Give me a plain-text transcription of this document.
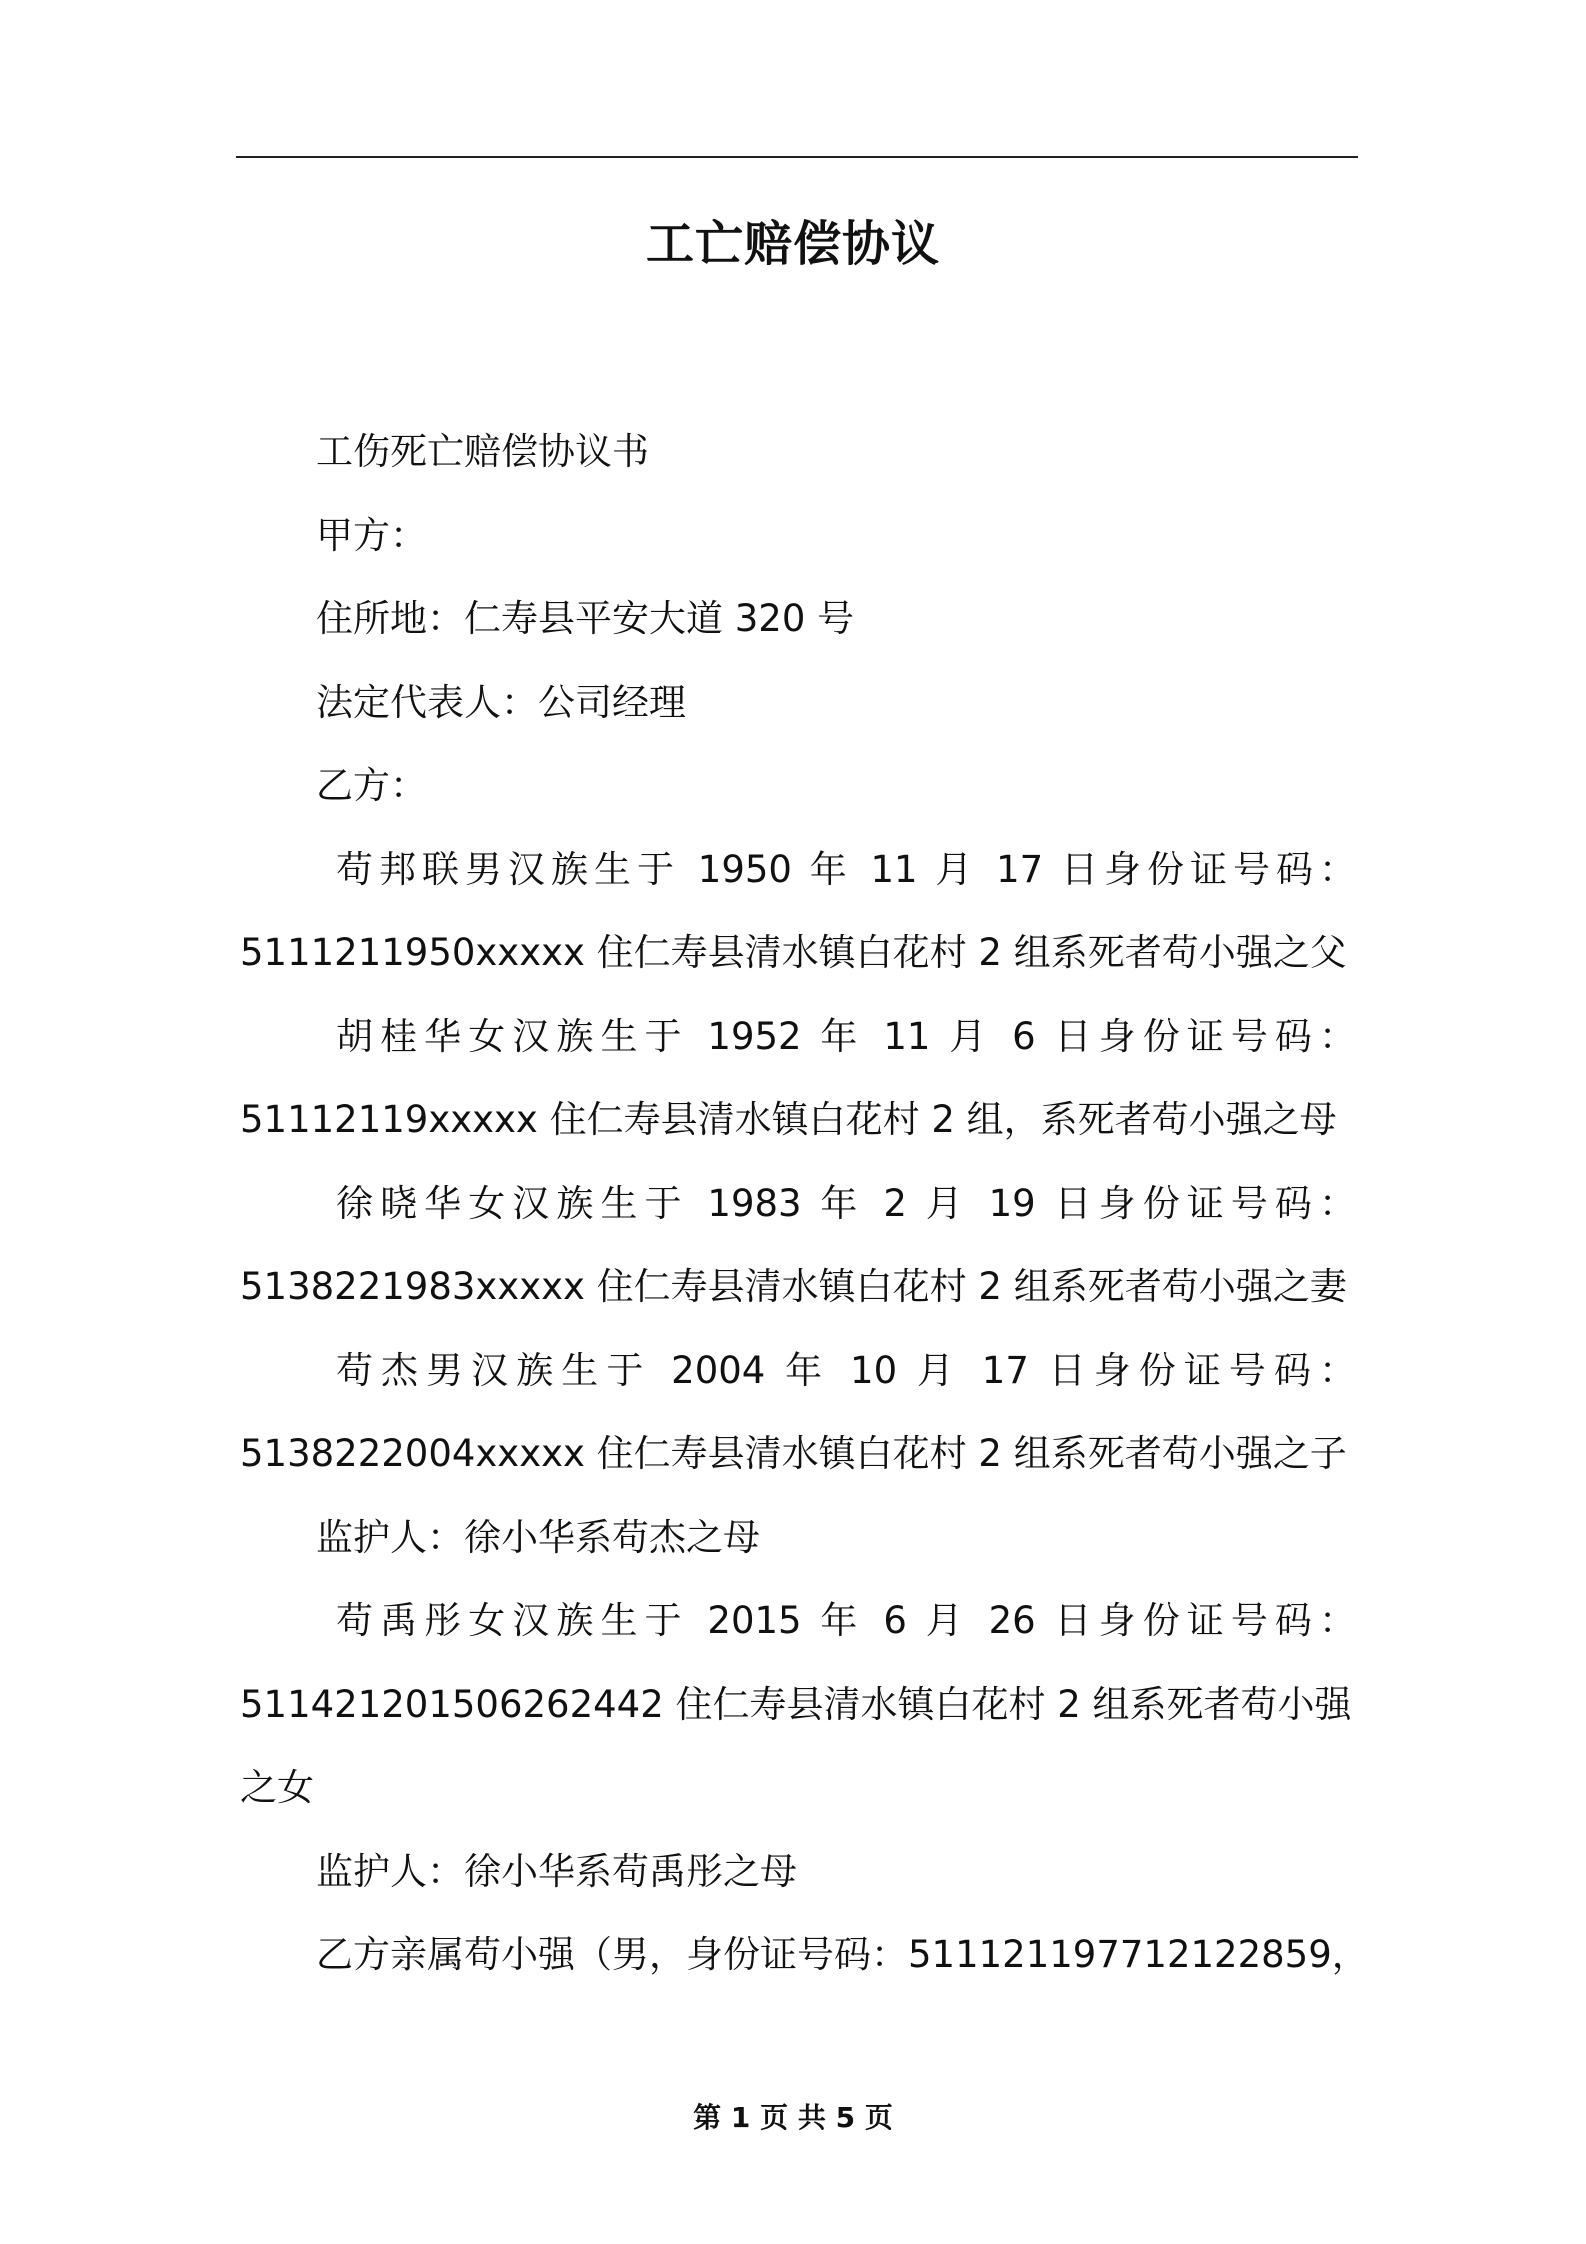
工亡赔偿协议

工伤死亡赔偿协议书

甲方：

住所地：仁寿县平安大道 320 号

法定代表人：公司经理

乙方：

苟邦联男汉族生于 1950 年 11 月 17 日身份证号码：

5111211950xxxxx 住仁寿县清水镇白花村 2 组系死者苟小强之父

胡桂华女汉族生于 1952 年 11 月 6 日身份证号码：

51112119xxxxx 住仁寿县清水镇白花村 2 组，系死者苟小强之母

徐晓华女汉族生于 1983 年 2 月 19 日身份证号码：

5138221983xxxxx 住仁寿县清水镇白花村 2 组系死者苟小强之妻

苟杰男汉族生于 2004 年 10 月 17 日身份证号码：

5138222004xxxxx 住仁寿县清水镇白花村 2 组系死者苟小强之子

监护人：徐小华系苟杰之母

苟禹彤女汉族生于 2015 年 6 月 26 日身份证号码：

51142120150626244​2 住仁寿县清水镇白花村 2 组系死者苟小强之女

监护人：徐小华系苟禹彤之母

乙方亲属苟小强（男，身份证号码：511121197712122859，

第 1 页 共 5 页
